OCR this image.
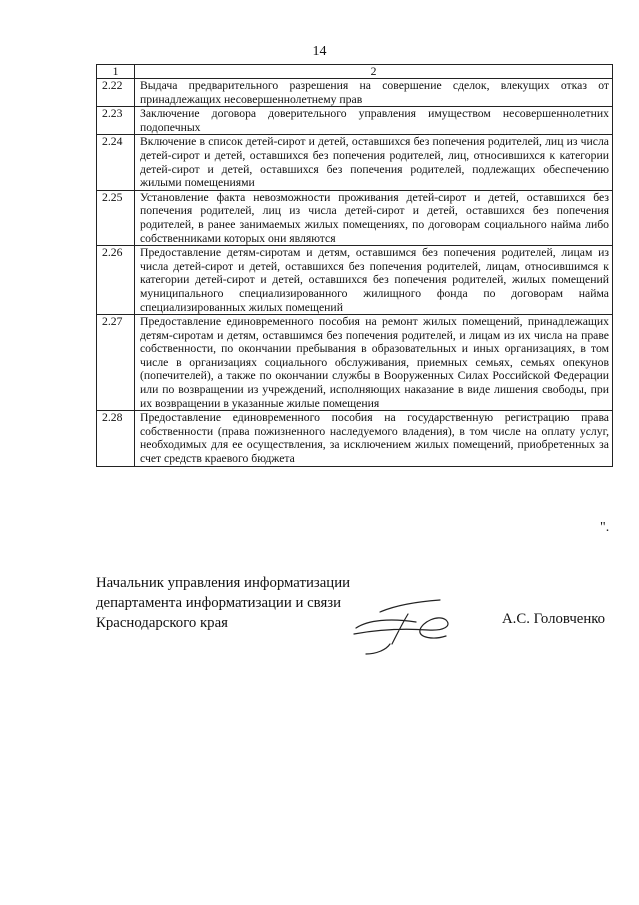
14
1	2
2.22	Выдача предварительного разрешения на совершение сделок, влекущих отказ от принадлежащих несовершеннолетнему прав
2.23	Заключение договора доверительного управления имуществом несовершеннолетних подопечных
2.24	Включение в список детей-сирот и детей, оставшихся без попечения родителей, лиц из числа детей-сирот и детей, оставшихся без попечения родителей, лиц, относившихся к категории детей-сирот и детей, оставшихся без попечения родителей, подлежащих обеспечению жилыми помещениями
2.25	Установление факта невозможности проживания детей-сирот и детей, оставшихся без попечения родителей, лиц из числа детей-сирот и детей, оставшихся без попечения родителей, в ранее занимаемых жилых помещениях, по договорам социального найма либо собственниками которых они являются
2.26	Предоставление детям-сиротам и детям, оставшимся без попечения родителей, лицам из числа детей-сирот и детей, оставшихся без попечения родителей, лицам, относившимся к категории детей-сирот и детей, оставшихся без попечения родителей, жилых помещений муниципального специализированного жилищного фонда по договорам найма специализированных жилых помещений
2.27	Предоставление единовременного пособия на ремонт жилых помещений, принадлежащих детям-сиротам и детям, оставшимся без попечения родителей, и лицам из их числа на праве собственности, по окончании пребывания в образовательных и иных организациях, в том числе в организациях социального обслуживания, приемных семьях, семьях опекунов (попечителей), а также по окончании службы в Вооруженных Силах Российской Федерации или по возвращении из учреждений, исполняющих наказание в виде лишения свободы, при их возвращении в указанные жилые помещения
2.28	Предоставление единовременного пособия на государственную регистрацию права собственности (права пожизненного наследуемого владения), в том числе на оплату услуг, необходимых для ее осуществления, за исключением жилых помещений, приобретенных за счет средств краевого бюджета
".
Начальник управления информатизации
департамента информатизации и связи
Краснодарского края	А.С. Головченко
